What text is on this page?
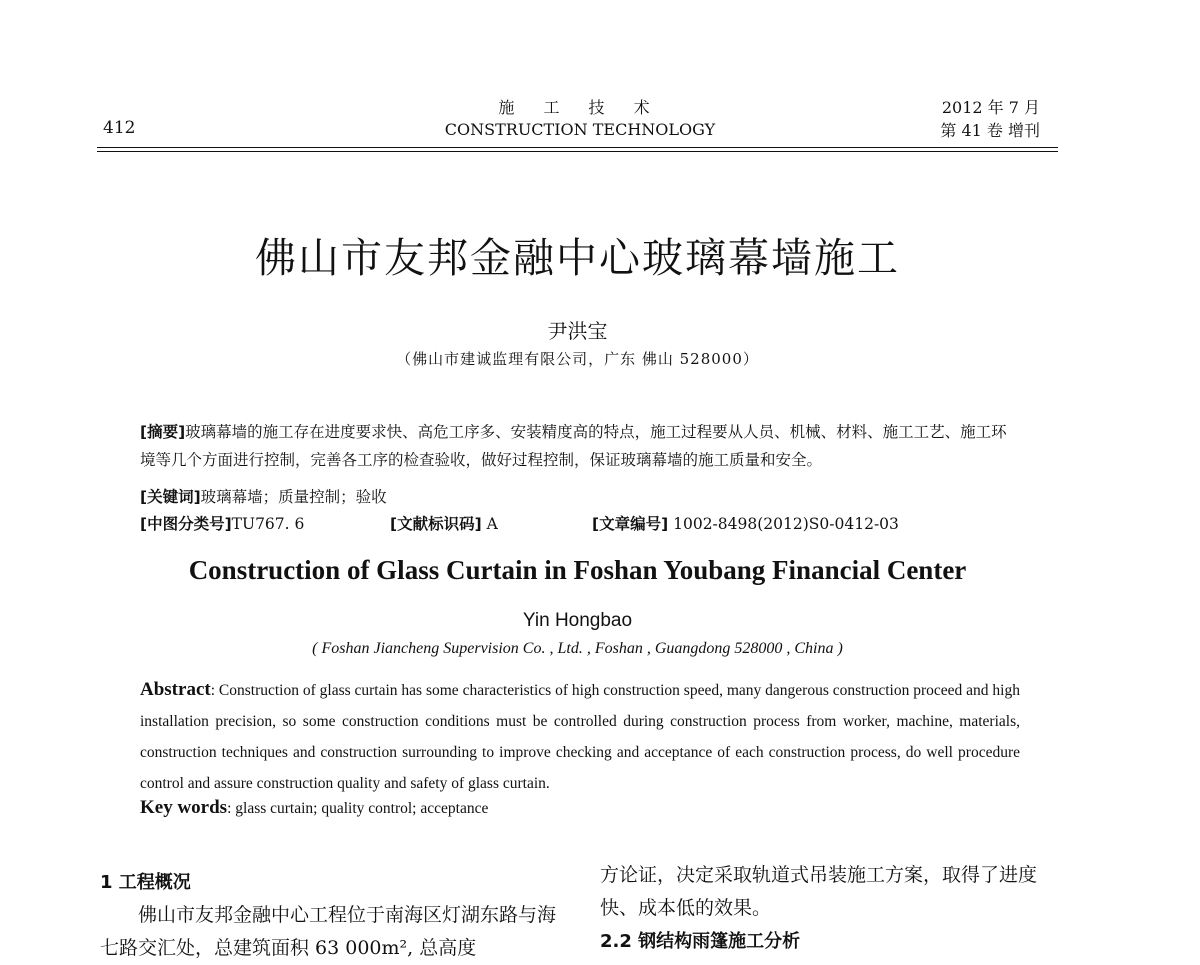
412
施 工 技 术
CONSTRUCTION TECHNOLOGY
2012 年 7 月
第 41 卷 增刊
佛山市友邦金融中心玻璃幕墙施工
尹洪宝
（佛山市建诚监理有限公司，广东 佛山 528000）
[摘要]玻璃幕墙的施工存在进度要求快、高危工序多、安装精度高的特点，施工过程要从人员、机械、材料、施工工艺、施工环境等几个方面进行控制，完善各工序的检查验收，做好过程控制，保证玻璃幕墙的施工质量和安全。
[关键词]玻璃幕墙；质量控制；验收
[中图分类号]TU767. 6	[文献标识码] A	[文章编号] 1002-8498(2012)S0-0412-03
Construction of Glass Curtain in Foshan Youbang Financial Center
Yin Hongbao
( Foshan Jiancheng Supervision Co. , Ltd. , Foshan , Guangdong 528000 , China )
Abstract: Construction of glass curtain has some characteristics of high construction speed, many dangerous construction proceed and high installation precision, so some construction conditions must be controlled during construction process from worker, machine, materials, construction techniques and construction surrounding to improve checking and acceptance of each construction process, do well procedure control and assure construction quality and safety of glass curtain.
Key words: glass curtain; quality control; acceptance
1 工程概况
佛山市友邦金融中心工程位于南海区灯湖东路与海七路交汇处，总建筑面积 63 000m², 总高度
方论证，决定采取轨道式吊装施工方案，取得了进度快、成本低的效果。
2.2 钢结构雨篷施工分析
